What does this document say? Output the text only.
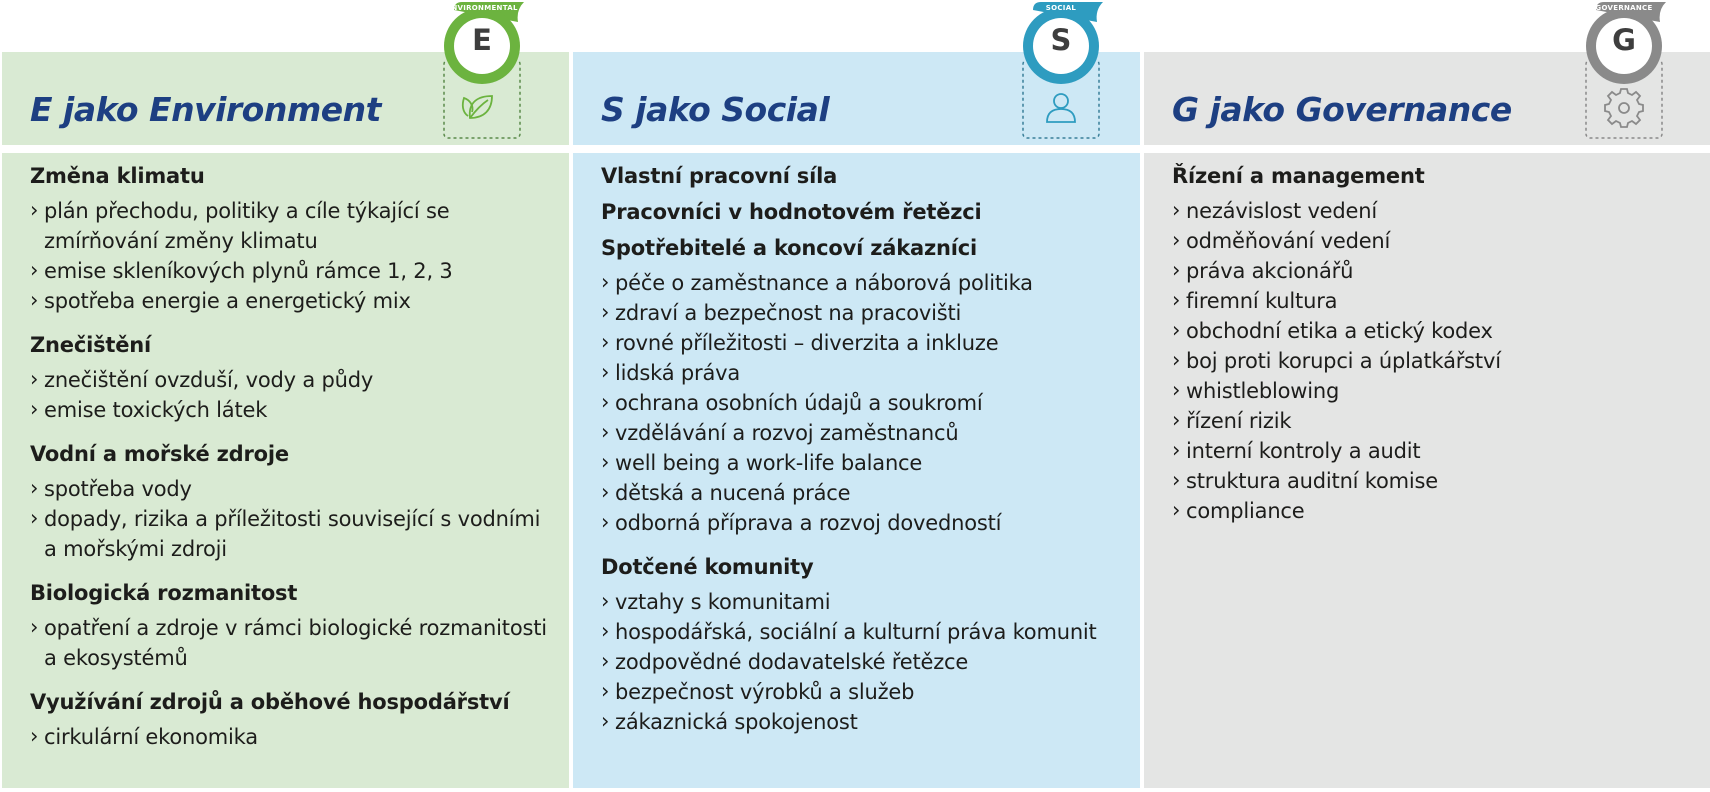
E jako Environment
Změna klimatu
› plán přechodu, politiky a cíle týkající se zmírňování změny klimatu
› emise skleníkových plynů rámce 1, 2, 3
› spotřeba energie a energetický mix
Znečištění
› znečištění ovzduší, vody a půdy
› emise toxických látek
Vodní a mořské zdroje
› spotřeba vody
› dopady, rizika a příležitosti související s vodními a mořskými zdroji
Biologická rozmanitost
› opatření a zdroje v rámci biologické rozmanitosti a ekosystémů
Využívání zdrojů a oběhové hospodářství
› cirkulární ekonomika
ENVIRONMENTAL
E
S jako Social
Vlastní pracovní síla
Pracovníci v hodnotovém řetězci
Spotřebitelé a koncoví zákazníci
› péče o zaměstnance a náborová politika
› zdraví a bezpečnost na pracovišti
› rovné příležitosti – diverzita a inkluze
› lidská práva
› ochrana osobních údajů a soukromí
› vzdělávání a rozvoj zaměstnanců
› well being a work-life balance
› dětská a nucená práce
› odborná příprava a rozvoj dovedností
Dotčené komunity
› vztahy s komunitami
› hospodářská, sociální a kulturní práva komunit
› zodpovědné dodavatelské řetězce
› bezpečnost výrobků a služeb
› zákaznická spokojenost
SOCIAL
S
G jako Governance
Řízení a management
› nezávislost vedení
› odměňování vedení
› práva akcionářů
› firemní kultura
› obchodní etika a etický kodex
› boj proti korupci a úplatkářství
› whistleblowing
› řízení rizik
› interní kontroly a audit
› struktura auditní komise
› compliance
GOVERNANCE
G
